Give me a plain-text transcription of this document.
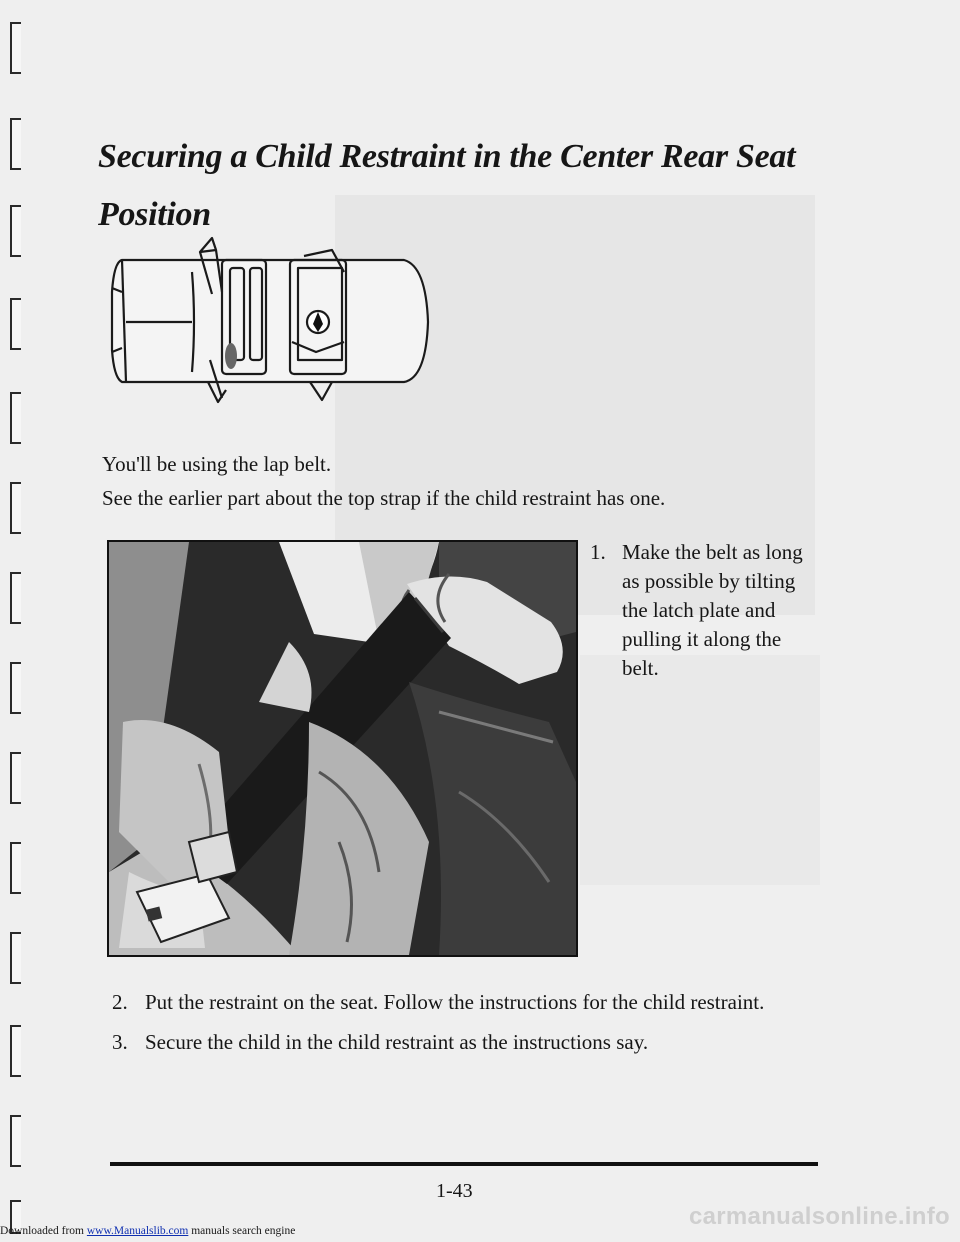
Securing a Child Restraint in the Center Rear Seat Position

You'll be using the lap belt.

See the earlier part about the top strap if the child restraint has one.

1. Make the belt as long as possible by tilting the latch plate and pulling it along the belt.
2. Put the restraint on the seat. Follow the instructions for the child restraint.
3. Secure the child in the child restraint as the instructions say.
1-43
Downloaded from www.Manualslib.com manuals search engine
carmanualsonline.info
